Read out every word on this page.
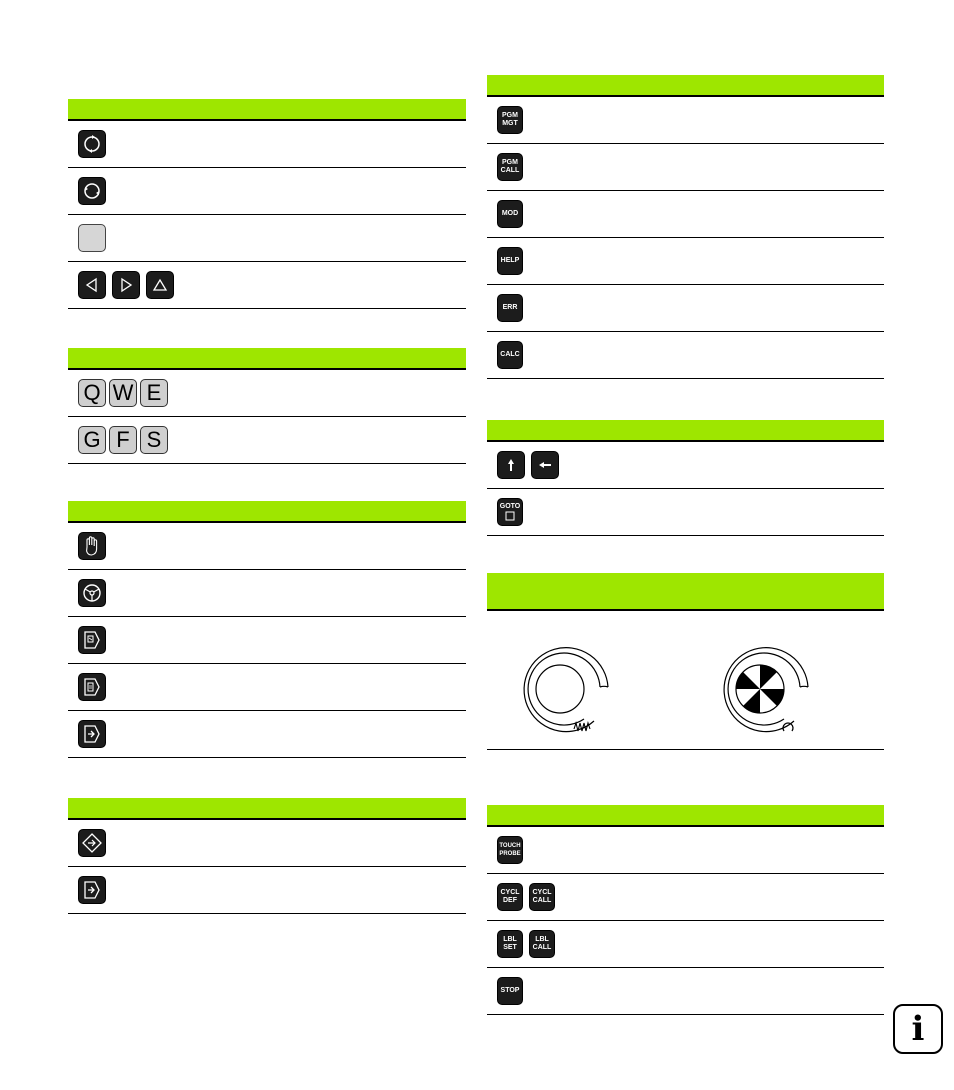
Q W E
G F S
PGM
MGT
PGM
CALL
MOD
HELP
ERR
CALC
GOTO
TOUCH
PROBE
CYCL
DEF
CYCL
CALL
LBL
SET
LBL
CALL
STOP
i
